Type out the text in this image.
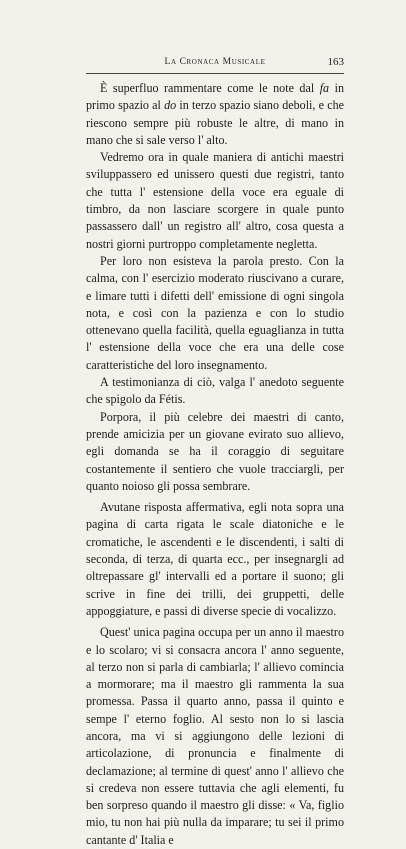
La Cronaca Musicale	163

È superfluo rammentare come le note dal fa in primo spazio al do in terzo spazio siano deboli, e che riescono sempre più robuste le altre, di mano in mano che si sale verso l' alto.

Vedremo ora in quale maniera di antichi maestri sviluppassero ed unissero questi due registri, tanto che tutta l' estensione della voce era eguale di timbro, da non lasciare scorgere in quale punto passassero dall' un registro all' altro, cosa questa a nostri giorni purtroppo completamente negletta.

Per loro non esisteva la parola presto. Con la calma, con l' esercizio moderato riuscivano a curare, e limare tutti i difetti dell' emissione di ogni singola nota, e così con la pazienza e con lo studio ottenevano quella facilità, quella eguaglianza in tutta l' estensione della voce che era una delle cose caratteristiche del loro insegnamento.

A testimonianza di ciò, valga l' anedoto seguente che spigolo da Fétis.

Porpora, il più celebre dei maestri di canto, prende amicizia per un giovane evirato suo allievo, egli domanda se ha il coraggio di seguitare costantemente il sentiero che vuole tracciargli, per quanto noioso gli possa sembrare.

Avutane risposta affermativa, egli nota sopra una pagina di carta rigata le scale diatoniche e le cromatiche, le ascendenti e le discendenti, i salti di seconda, di terza, di quarta ecc., per insegnargli ad oltrepassare gl' intervalli ed a portare il suono; gli scrive in fine dei trilli, dei gruppetti, delle appoggiature, e passi di diverse specie di vocalizzo.

Quest' unica pagina occupa per un anno il maestro e lo scolaro; vi si consacra ancora l' anno seguente, al terzo non si parla di cambiarla; l' allievo comincia a mormorare; ma il maestro gli rammenta la sua promessa. Passa il quarto anno, passa il quinto e sempe l' eterno foglio. Al sesto non lo si lascia ancora, ma vi si aggiungono delle lezioni di articolazione, di pronuncia e finalmente di declamazione; al termine di quest' anno l' allievo che si credeva non essere tuttavia che agli elementi, fu ben sorpreso quando il maestro gli disse: « Va, figlio mio, tu non hai più nulla da imparare; tu sei il primo cantante d' Italia e
